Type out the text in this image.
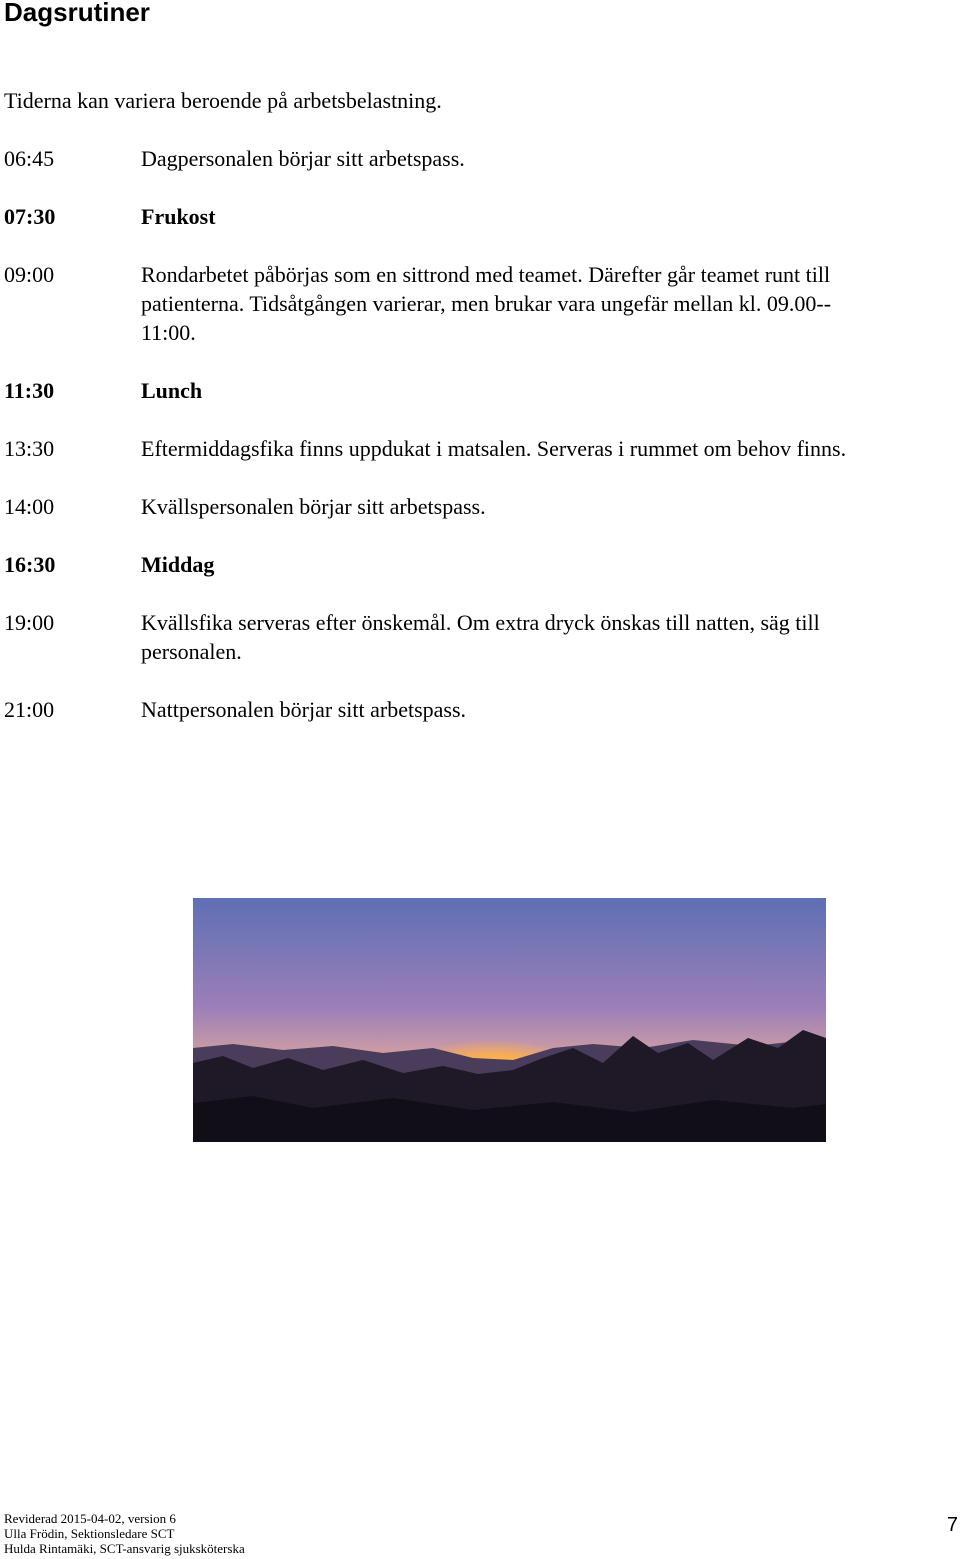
Dagsrutiner
Tiderna kan variera beroende på arbetsbelastning.
06:45	Dagpersonalen börjar sitt arbetspass.
07:30	Frukost
09:00	Rondarbetet påbörjas som en sittrond med teamet. Därefter går teamet runt till
patienterna. Tidsåtgången varierar, men brukar vara ungefär mellan kl. 09.00--
11:00.
11:30	Lunch
13:30	Eftermiddagsfika finns uppdukat i matsalen. Serveras i rummet om behov finns.
14:00	Kvällspersonalen börjar sitt arbetspass.
16:30	Middag
19:00	Kvällsfika serveras efter önskemål. Om extra dryck önskas till natten, säg till
personalen.
21:00	Nattpersonalen börjar sitt arbetspass.
Reviderad 2015-04-02, version 6
Ulla Frödin, Sektionsledare SCT
Hulda Rintamäki, SCT-ansvarig sjuksköterska
7
